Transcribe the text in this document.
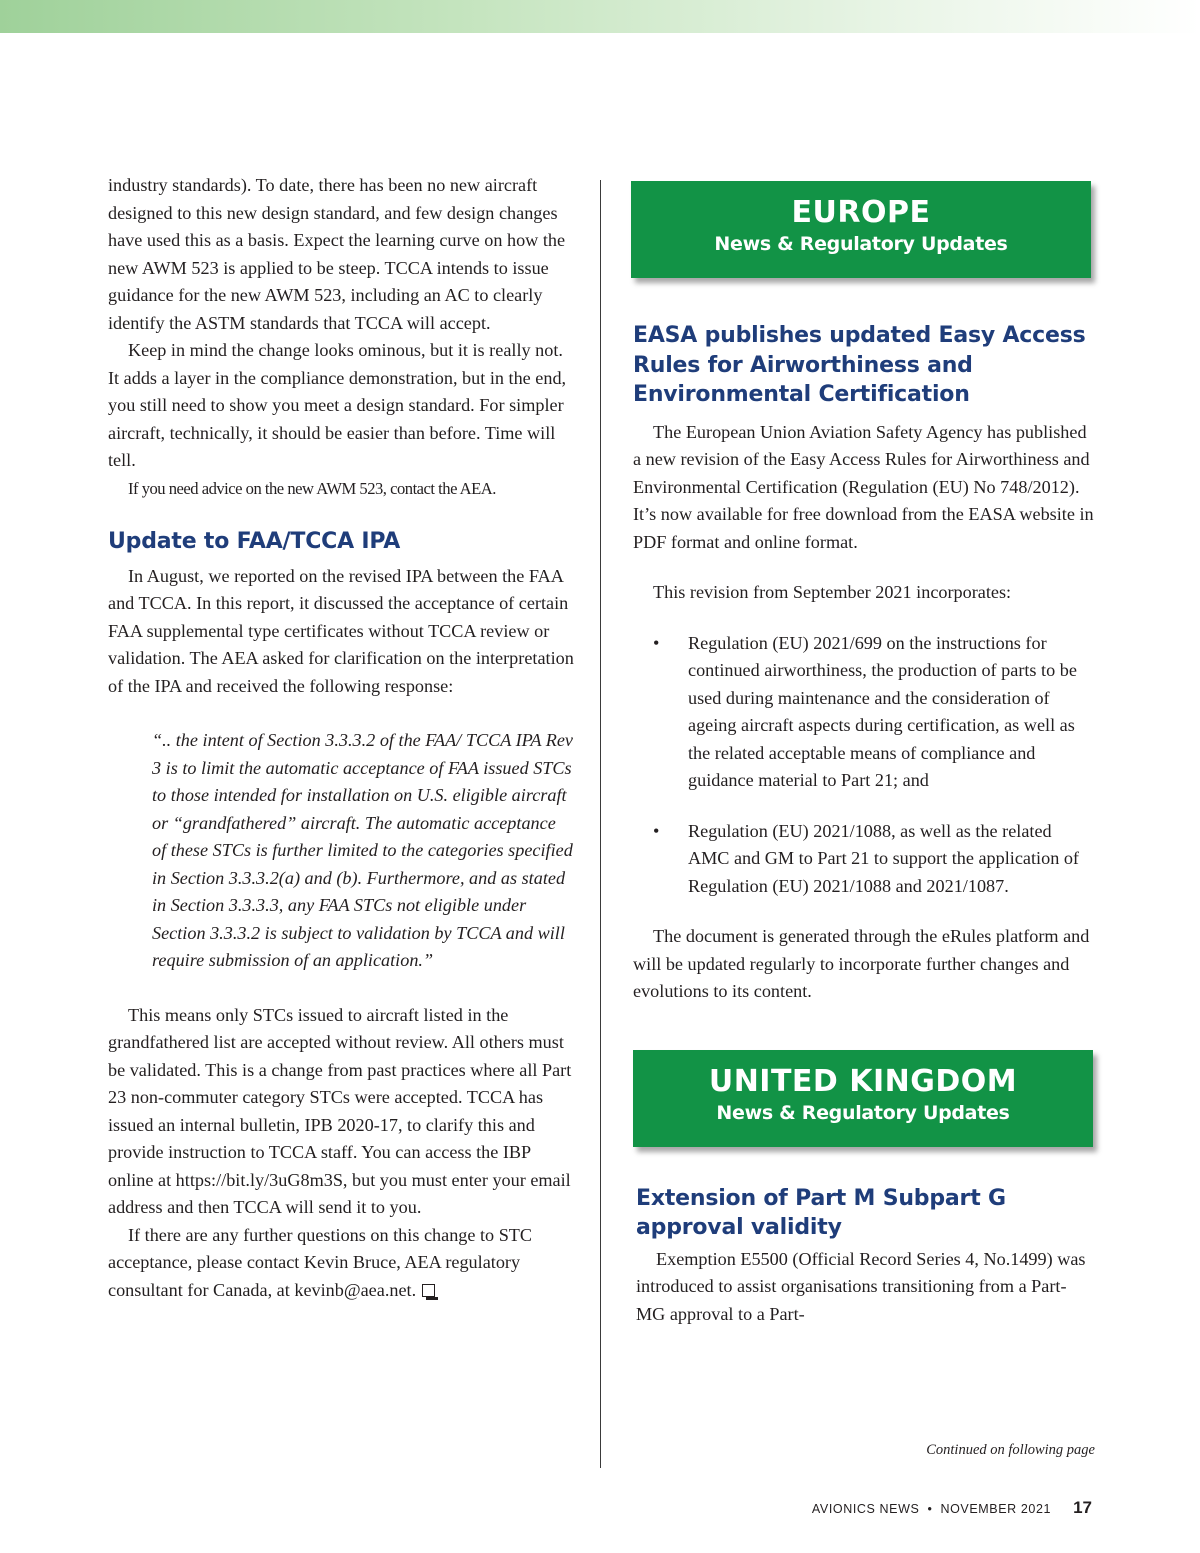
industry standards). To date, there has been no new aircraft designed to this new design standard, and few design changes have used this as a basis. Expect the learning curve on how the new AWM 523 is applied to be steep. TCCA intends to issue guidance for the new AWM 523, including an AC to clearly identify the ASTM standards that TCCA will accept.

Keep in mind the change looks ominous, but it is really not. It adds a layer in the compliance demonstration, but in the end, you still need to show you meet a design standard. For simpler aircraft, technically, it should be easier than before. Time will tell.

If you need advice on the new AWM 523, contact the AEA.

Update to FAA/TCCA IPA

In August, we reported on the revised IPA between the FAA and TCCA. In this report, it discussed the acceptance of certain FAA supplemental type certificates without TCCA review or validation. The AEA asked for clarification on the interpretation of the IPA and received the following response:

“.. the intent of Section 3.3.3.2 of the FAA/ TCCA IPA Rev 3 is to limit the automatic acceptance of FAA issued STCs to those intended for installation on U.S. eligible aircraft or “grandfathered” aircraft. The automatic acceptance of these STCs is further limited to the categories specified in Section 3.3.3.2(a) and (b). Furthermore, and as stated in Section 3.3.3.3, any FAA STCs not eligible under Section 3.3.3.2 is subject to validation by TCCA and will require submission of an application.”

This means only STCs issued to aircraft listed in the grandfathered list are accepted without review. All others must be validated. This is a change from past practices where all Part 23 non-commuter category STCs were accepted. TCCA has issued an internal bulletin, IPB 2020-17, to clarify this and provide instruction to TCCA staff. You can access the IBP online at https://bit.ly/3uG8m3S, but you must enter your email address and then TCCA will send it to you.

If there are any further questions on this change to STC acceptance, please contact Kevin Bruce, AEA regulatory consultant for Canada, at kevinb@aea.net.

EUROPE
News & Regulatory Updates
EASA publishes updated Easy Access Rules for Airworthiness and Environmental Certification

The European Union Aviation Safety Agency has published a new revision of the Easy Access Rules for Airworthiness and Environmental Certification (Regulation (EU) No 748/2012). It’s now available for free download from the EASA website in PDF format and online format.

This revision from September 2021 incorporates:

• Regulation (EU) 2021/699 on the instructions for continued airworthiness, the production of parts to be used during maintenance and the consideration of ageing aircraft aspects during certification, as well as the related acceptable means of compliance and guidance material to Part 21; and
• Regulation (EU) 2021/1088, as well as the related AMC and GM to Part 21 to support the application of Regulation (EU) 2021/1088 and 2021/1087.

The document is generated through the eRules platform and will be updated regularly to incorporate further changes and evolutions to its content.

UNITED KINGDOM
News & Regulatory Updates
Extension of Part M Subpart G approval validity

Exemption E5500 (Official Record Series 4, No.1499) was introduced to assist organisations transitioning from a Part-MG approval to a Part-

Continued on following page
AVIONICS NEWS • NOVEMBER 2021 17
